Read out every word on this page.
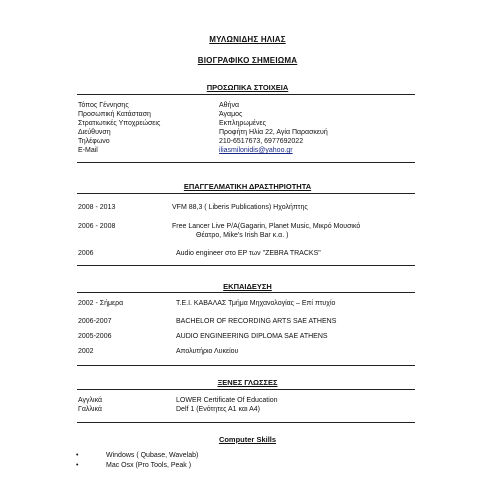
ΜΥΛΩΝΙΔΗΣ ΗΛΙΑΣ
ΒΙΟΓΡΑΦΙΚΟ ΣΗΜΕΙΩΜΑ
ΠΡΟΣΩΠΙΚΑ ΣΤΟΙΧΕΙΑ
Τόπος Γέννησης	Αθήνα
Προσωπική Κατάσταση	Άγαμος
Στρατιωτικές Υποχρεώσεις	Εκπληρωμένες
Διεύθυνση	Προφήτη Ηλία 22, Αγία Παρασκευή
Τηλέφωνο	210-6517673, 6977692022
E-Mail	iliasmilonidis@yahoo.gr
ΕΠΑΓΓΕΛΜΑΤΙΚΗ ΔΡΑΣΤΗΡΙΟΤΗΤΑ
2008 - 2013	VFM 88,3 ( Liberis Publications) Ηχολήπτης
2006 - 2008	Free Lancer Live P/A(Gagarin, Planet Music, Μικρό Μουσικό
Θέατρο, Mike's Irish Bar κ.α. )
2006	Audio engineer στο EP των "ZEBRA TRACKS"
ΕΚΠΑΙΔΕΥΣΗ
2002 - Σήμερα	Τ.Ε.Ι. ΚΑΒΑΛΑΣ Τμήμα Μηχανολογίας – Επί πτυχίο
2006-2007	BACHELOR OF RECORDING ARTS SAE ATHENS
2005-2006	AUDIO ENGINEERING DIPLOMA SAE ATHENS
2002	Απολυτήριο Λυκείου
ΞΕΝΕΣ ΓΛΩΣΣΕΣ
Αγγλικά	LOWER Certificate Of Education
Γαλλικά	Delf 1 (Ενότητες Α1 και Α4)
Computer Skills
•	Windows ( Qubase, Wavelab)
•	Mac Osx (Pro Tools, Peak )
